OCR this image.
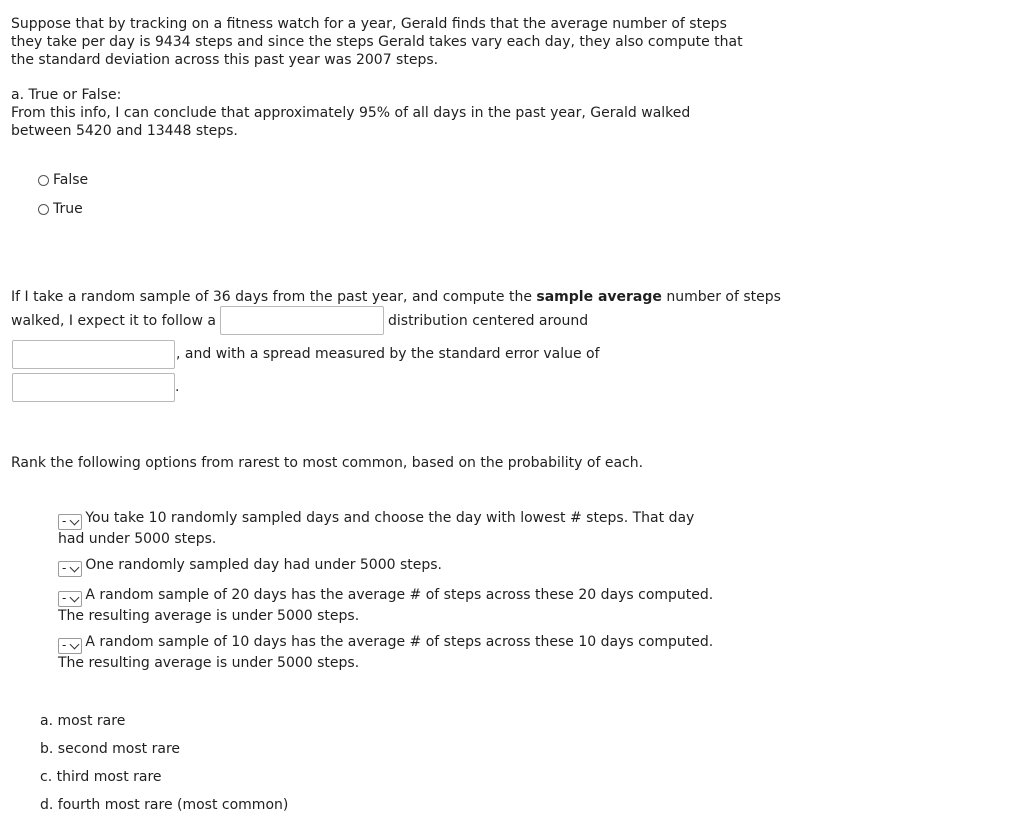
Suppose that by tracking on a fitness watch for a year, Gerald finds that the average number of steps they take per day is 9434 steps and since the steps Gerald takes vary each day, they also compute that the standard deviation across this past year was 2007 steps.

a. True or False:
From this info, I can conclude that approximately 95% of all days in the past year, Gerald walked between 5420 and 13448 steps.
False
True
If I take a random sample of 36 days from the past year, and compute the sample average number of steps
walked, I expect it to follow a	distribution centered around
, and with a spread measured by the standard error value of
.
Rank the following options from rarest to most common, based on the probability of each.
- You take 10 randomly sampled days and choose the day with lowest # steps. That day had under 5000 steps.
- One randomly sampled day had under 5000 steps.
- A random sample of 20 days has the average # of steps across these 20 days computed. The resulting average is under 5000 steps.
- A random sample of 10 days has the average # of steps across these 10 days computed. The resulting average is under 5000 steps.
a. most rare
b. second most rare
c. third most rare
d. fourth most rare (most common)
